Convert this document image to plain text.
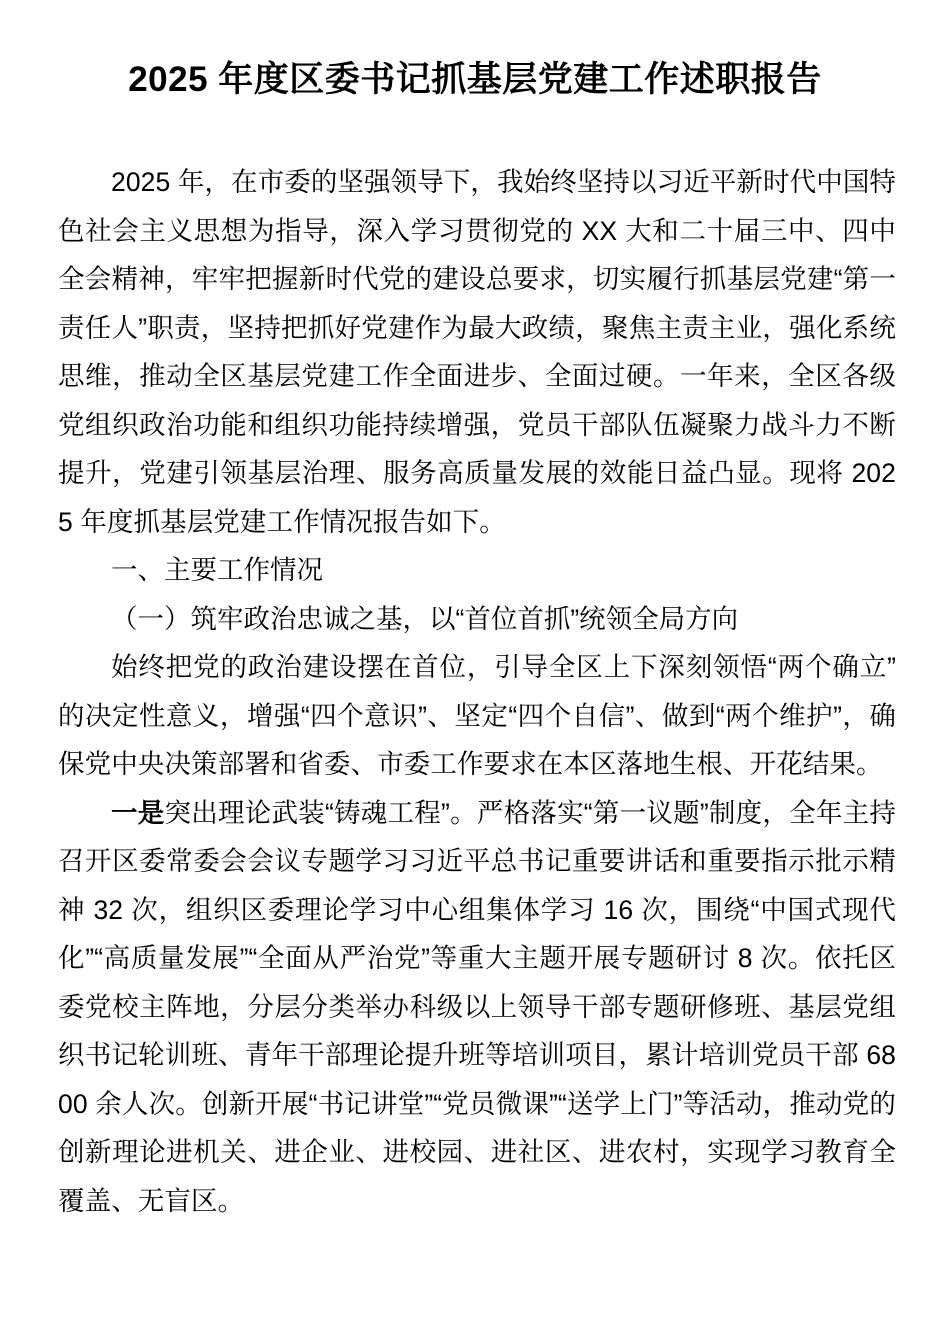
2025 年度区委书记抓基层党建工作述职报告

2025 年，在市委的坚强领导下，我始终坚持以习近平新时代中国特色社会主义思想为指导，深入学习贯彻党的 XX 大和二十届三中、四中全会精神，牢牢把握新时代党的建设总要求，切实履行抓基层党建“第一责任人”职责，坚持把抓好党建作为最大政绩，聚焦主责主业，强化系统思维，推动全区基层党建工作全面进步、全面过硬。一年来，全区各级党组织政治功能和组织功能持续增强，党员干部队伍凝聚力战斗力不断提升，党建引领基层治理、服务高质量发展的效能日益凸显。现将 2025 年度抓基层党建工作情况报告如下。

一、主要工作情况

（一）筑牢政治忠诚之基，以“首位首抓”统领全局方向

始终把党的政治建设摆在首位，引导全区上下深刻领悟“两个确立”的决定性意义，增强“四个意识”、坚定“四个自信”、做到“两个维护”，确保党中央决策部署和省委、市委工作要求在本区落地生根、开花结果。

一是突出理论武装“铸魂工程”。严格落实“第一议题”制度，全年主持召开区委常委会会议专题学习习近平总书记重要讲话和重要指示批示精神 32 次，组织区委理论学习中心组集体学习 16 次，围绕“中国式现代化”“高质量发展”“全面从严治党”等重大主题开展专题研讨 8 次。依托区委党校主阵地，分层分类举办科级以上领导干部专题研修班、基层党组织书记轮训班、青年干部理论提升班等培训项目，累计培训党员干部 6800 余人次。创新开展“书记讲堂”“党员微课”“送学上门”等活动，推动党的创新理论进机关、进企业、进校园、进社区、进农村，实现学习教育全覆盖、无盲区。
